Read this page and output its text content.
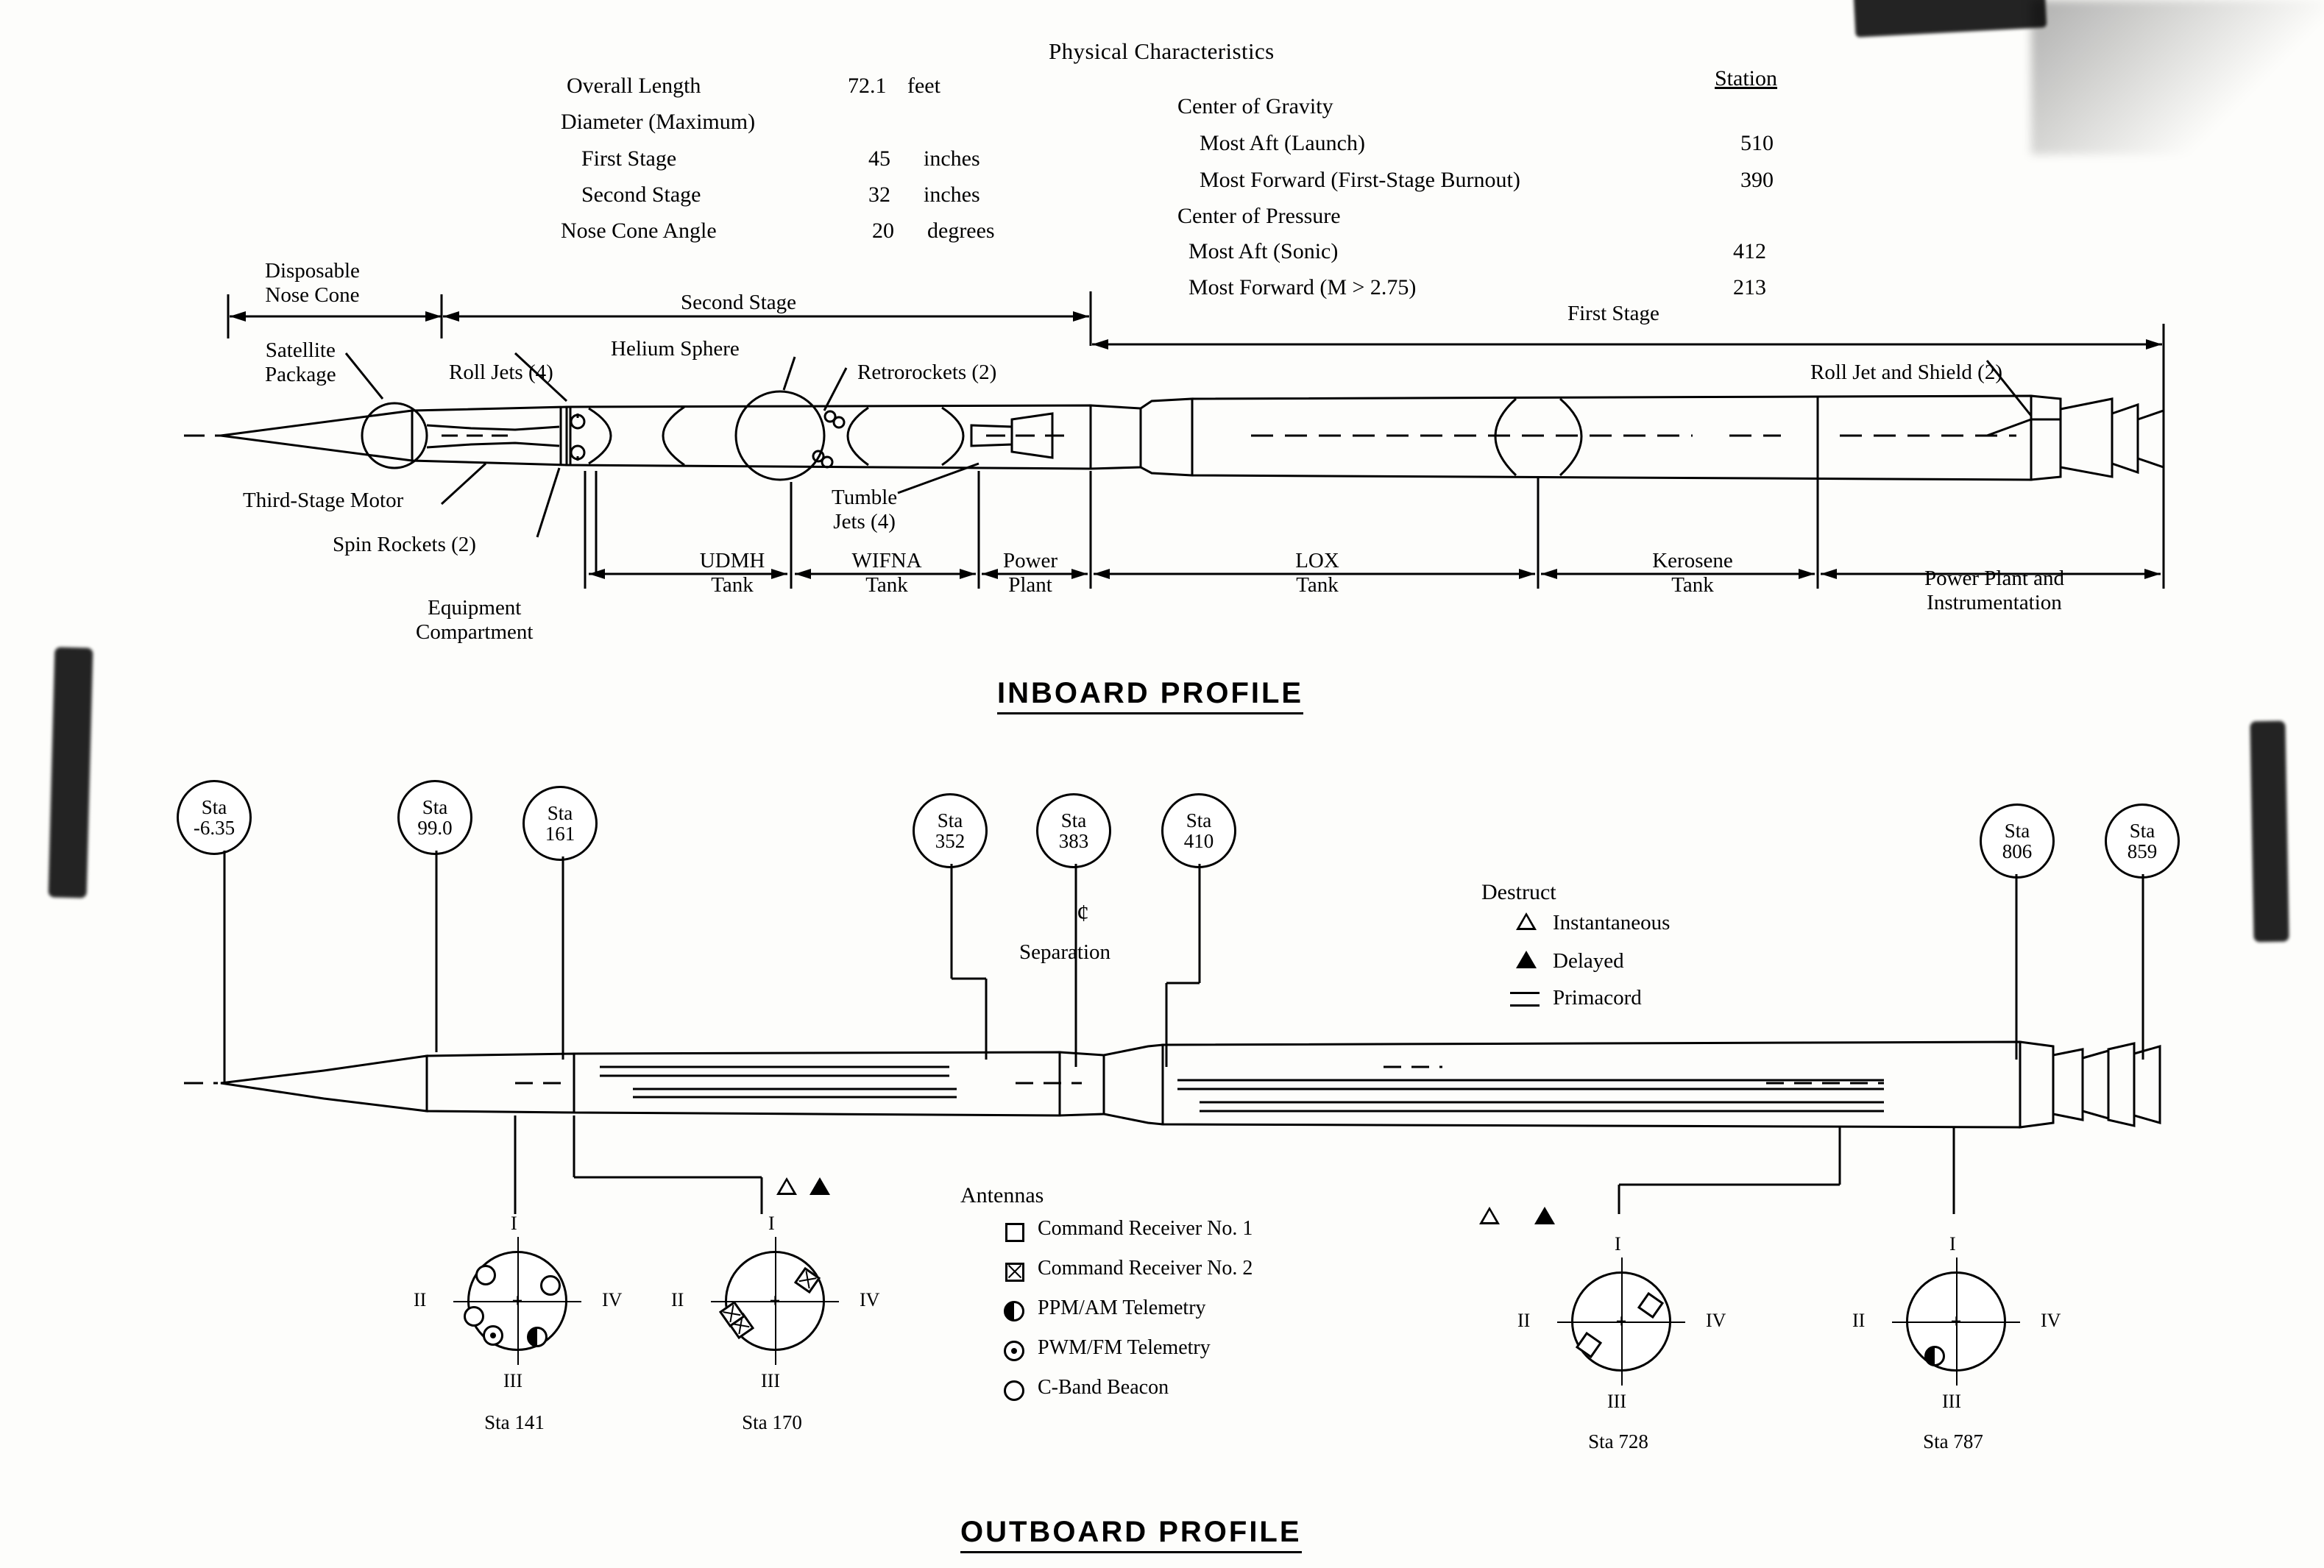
Physical Characteristics
Overall Length	72.1 feet
Diameter (Maximum)
First Stage	45 inches
Second Stage	32 inches
Nose Cone Angle	20 degrees
Station
Center of Gravity
Most Aft (Launch)	510
Most Forward (First-Stage Burnout)	390
Center of Pressure
Most Aft (Sonic)	412
Most Forward (M > 2.75)	213
Disposable
Nose Cone	Second Stage	First Stage
Satellite
Package	Roll Jets (4)
Helium Sphere
Retrorockets (2)	Roll Jet and Shield (2)
Third-Stage Motor
Spin Rockets (2)
Tumble
Jets (4)
Equipment
Compartment
UDMH
Tank
WIFNA
Tank
Power
Plant
LOX
Tank
Kerosene
Tank	Power Plant and
Instrumentation
INBOARD PROFILE
Sta
-6.35
Sta
99.0
Sta
161
Sta
352
Sta
383
Sta
410	Sta
806
Sta
859
¢
Separation
Destruct
Instantaneous
Delayed
Primacord
Antennas
Command Receiver No. 1
Command Receiver No. 2
PPM/AM Telemetry
PWM/FM Telemetry
C-Band Beacon
+
I
II
III
IV
Sta 141
+
I
II
III
IV
Sta 170
+
I
II
III
IV
Sta 728
+
I
II
III
IV
Sta 787
OUTBOARD PROFILE
